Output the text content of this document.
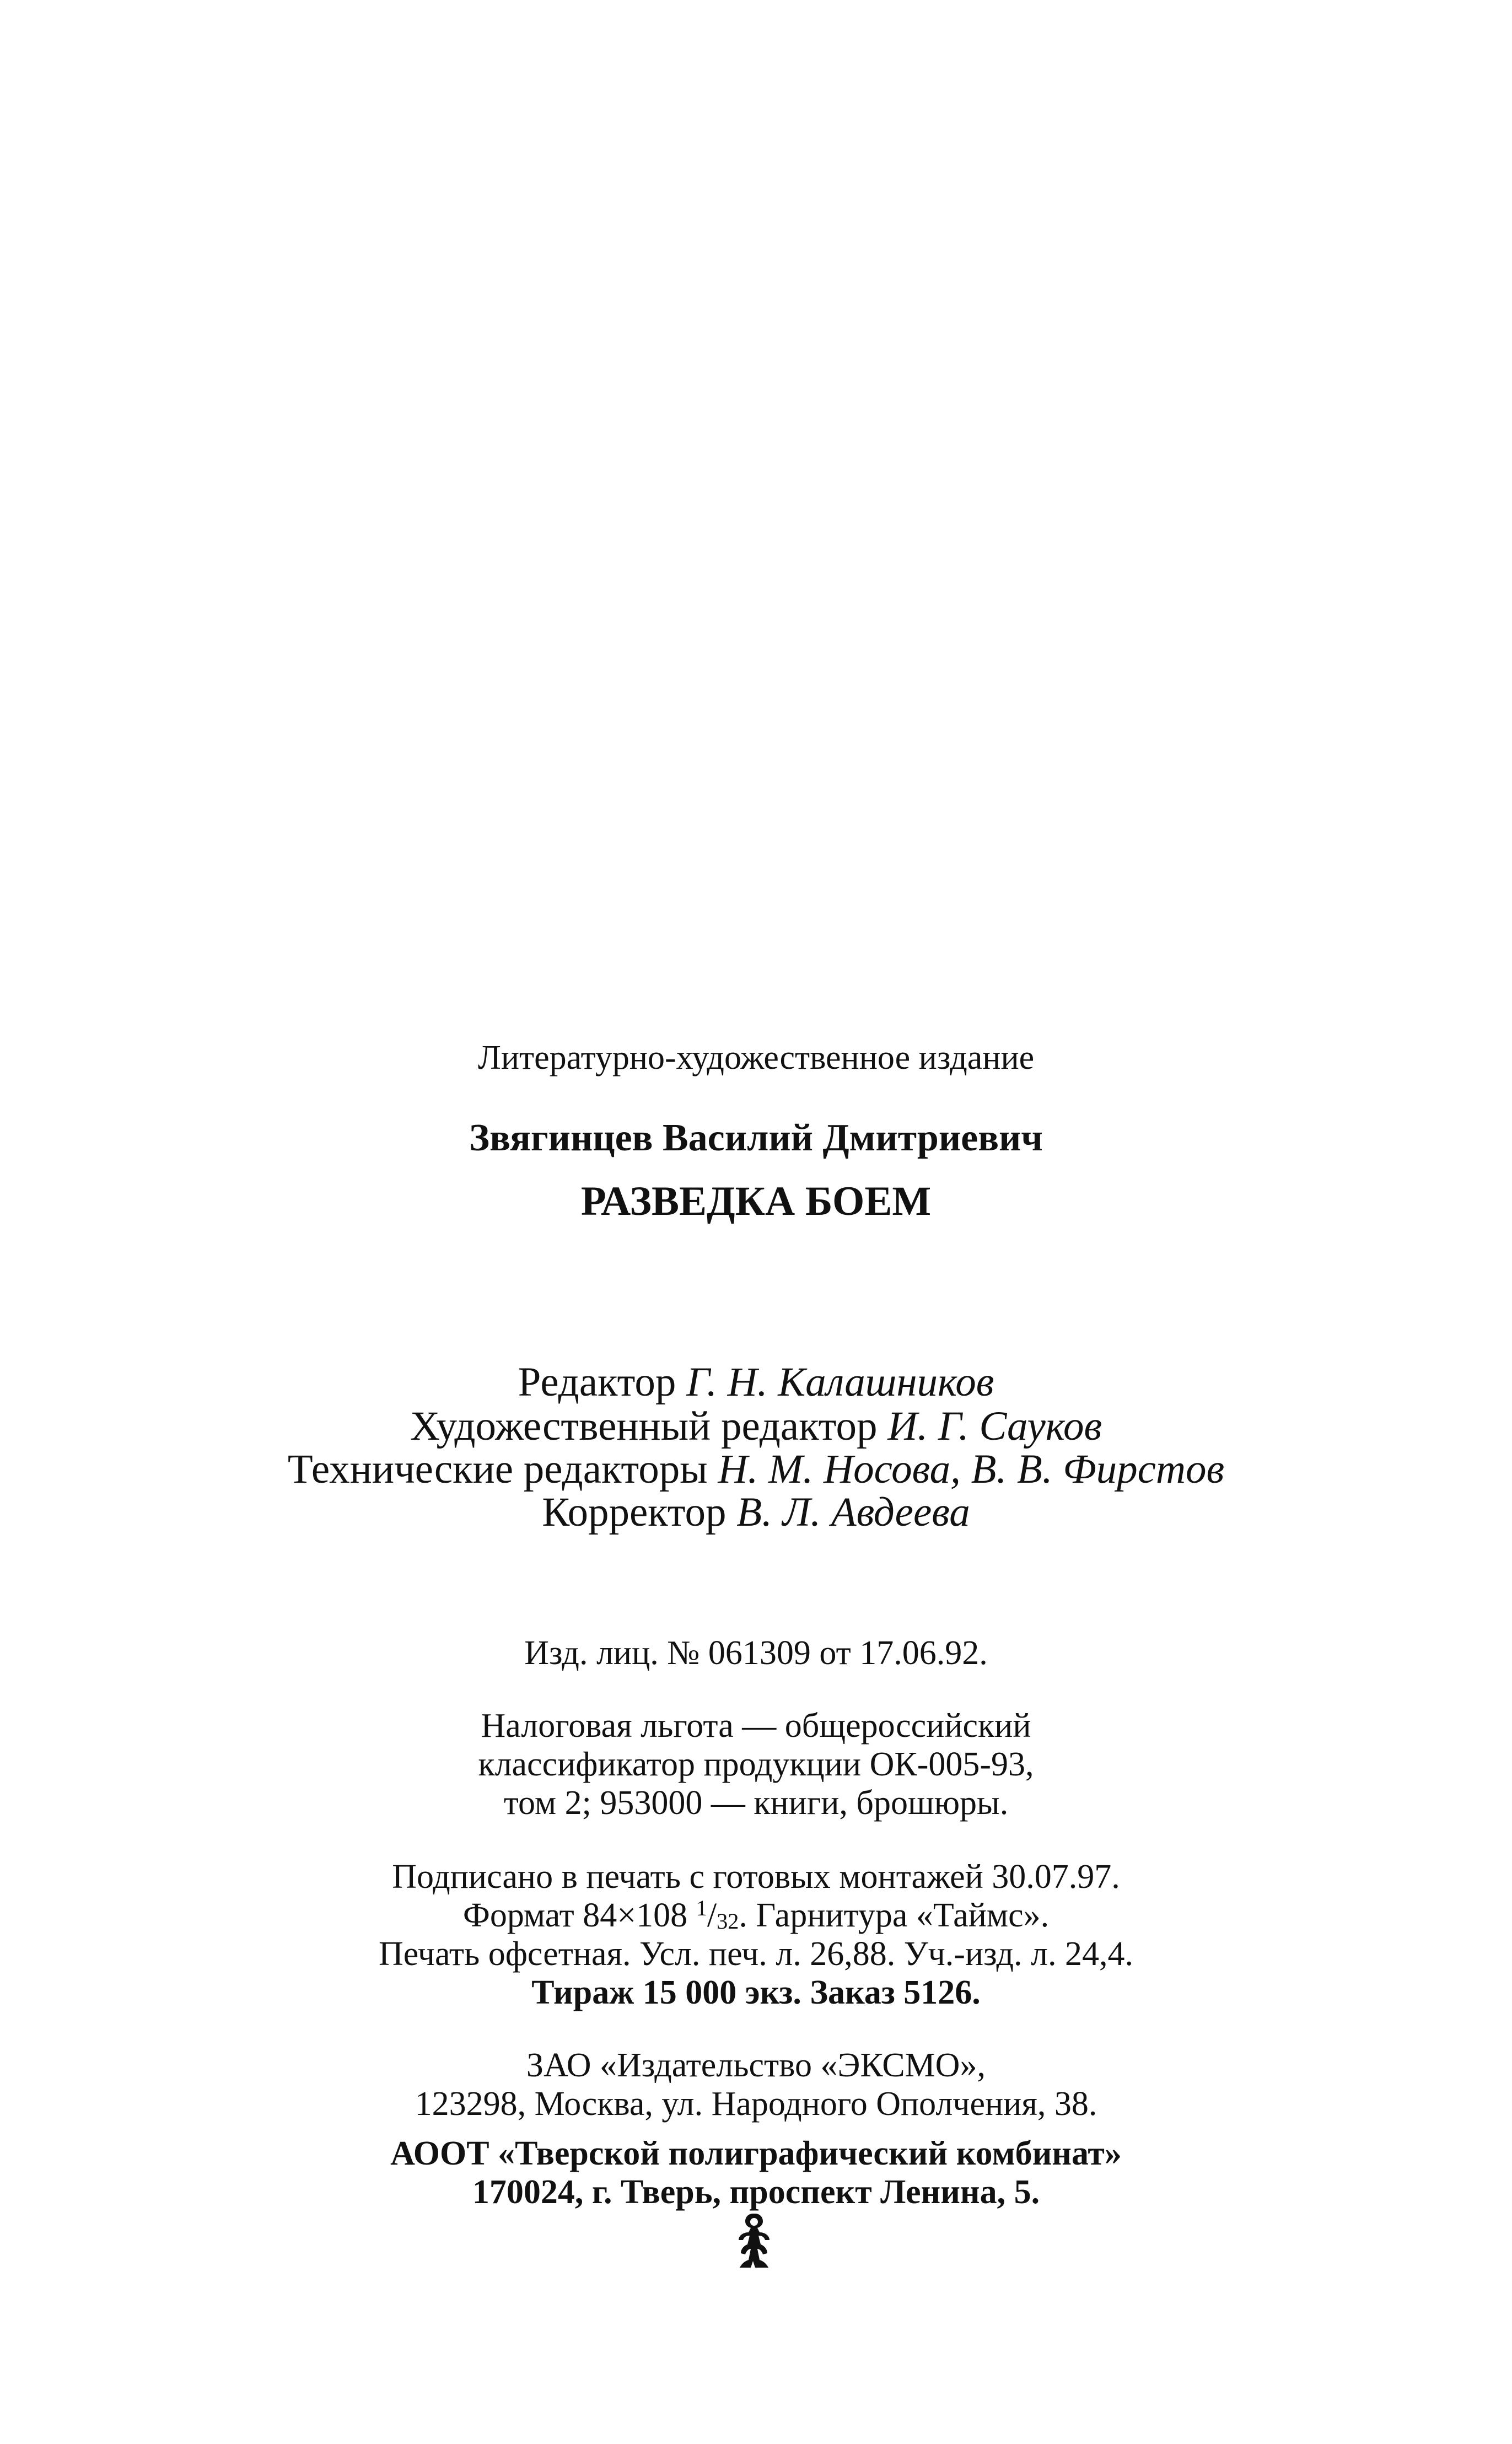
Литературно-художественное издание
Звягинцев Василий Дмитриевич
РАЗВЕДКА БОЕМ
Редактор Г. Н. Калашников
Художественный редактор И. Г. Сауков
Технические редакторы Н. М. Носова, В. В. Фирстов
Корректор В. Л. Авдеева
Изд. лиц. № 061309 от 17.06.92.
Налоговая льгота — общероссийский
классификатор продукции ОК-005-93,
том 2; 953000 — книги, брошюры.
Подписано в печать с готовых монтажей 30.07.97.
Формат 84×108 $^1/_{32}$. Гарнитура «Таймс».
Печать офсетная. Усл. печ. л. 26,88. Уч.-изд. л. 24,4.
Тираж 15 000 экз. Заказ 5126.
ЗАО «Издательство «ЭКСМО»,
123298, Москва, ул. Народного Ополчения, 38.
АООТ «Тверской полиграфический комбинат»
170024, г. Тверь, проспект Ленина, 5.
